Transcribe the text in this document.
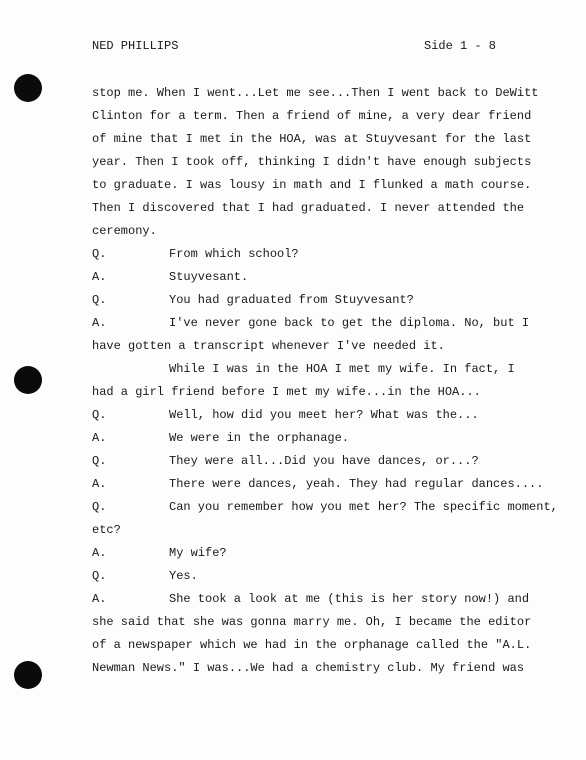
NED PHILLIPS	Side 1 - 8
stop me. When I went...Let me see...Then I went back to DeWitt
Clinton for a term. Then a friend of mine, a very dear friend
of mine that I met in the HOA, was at Stuyvesant for the last
year. Then I took off, thinking I didn't have enough subjects
to graduate. I was lousy in math and I flunked a math course.
Then I discovered that I had graduated. I never attended the
ceremony.
Q.	From which school?
A.	Stuyvesant.
Q.	You had graduated from Stuyvesant?
A.	I've never gone back to get the diploma. No, but I
have gotten a transcript whenever I've needed it.
While I was in the HOA I met my wife. In fact, I
had a girl friend before I met my wife...in the HOA...
Q.	Well, how did you meet her? What was the...
A.	We were in the orphanage.
Q.	They were all...Did you have dances, or...?
A.	There were dances, yeah. They had regular dances....
Q.	Can you remember how you met her? The specific moment,
etc?
A.	My wife?
Q.	Yes.
A.	She took a look at me (this is her story now!) and
she said that she was gonna marry me. Oh, I became the editor
of a newspaper which we had in the orphanage called the "A.L.
Newman News." I was...We had a chemistry club. My friend was
